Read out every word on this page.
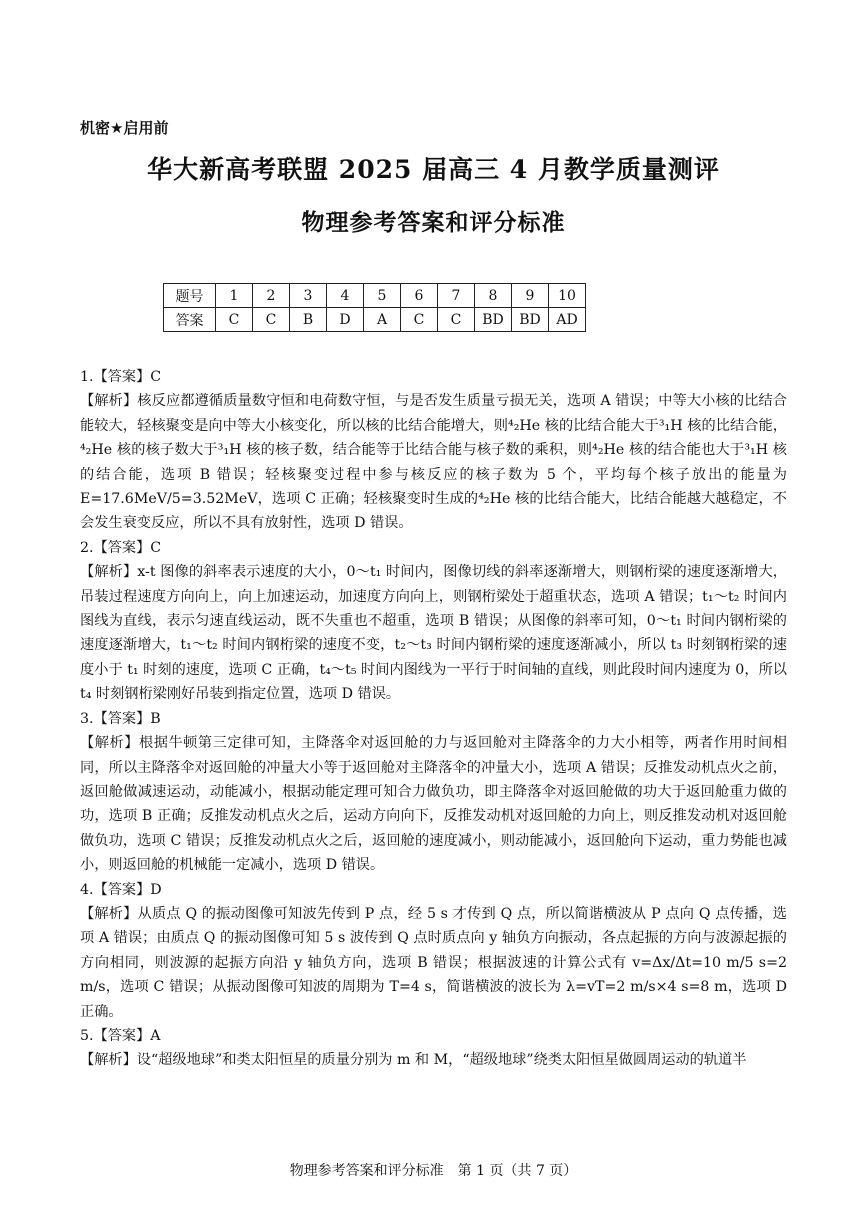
机密★启用前
华大新高考联盟 2025 届高三 4 月教学质量测评
物理参考答案和评分标准
题号	1	2	3	4	5	6	7	8	9	10
答案	C	C	B	D	A	C	C	BD	BD	AD

1.【答案】C

【解析】核反应都遵循质量数守恒和电荷数守恒，与是否发生质量亏损无关，选项 A 错误；中等大小核的比结合能较大，轻核聚变是向中等大小核变化，所以核的比结合能增大，则⁴₂He 核的比结合能大于³₁H 核的比结合能，⁴₂He 核的核子数大于³₁H 核的核子数，结合能等于比结合能与核子数的乘积，则⁴₂He 核的结合能也大于³₁H 核的结合能，选项 B 错误；轻核聚变过程中参与核反应的核子数为 5 个，平均每个核子放出的能量为 E=17.6MeV/5=3.52MeV，选项 C 正确；轻核聚变时生成的⁴₂He 核的比结合能大，比结合能越大越稳定，不会发生衰变反应，所以不具有放射性，选项 D 错误。

2.【答案】C

【解析】x-t 图像的斜率表示速度的大小，0～t₁ 时间内，图像切线的斜率逐渐增大，则钢桁梁的速度逐渐增大，吊装过程速度方向向上，向上加速运动，加速度方向向上，则钢桁梁处于超重状态，选项 A 错误；t₁～t₂ 时间内图线为直线，表示匀速直线运动，既不失重也不超重，选项 B 错误；从图像的斜率可知，0～t₁ 时间内钢桁梁的速度逐渐增大，t₁～t₂ 时间内钢桁梁的速度不变，t₂～t₃ 时间内钢桁梁的速度逐渐减小，所以 t₃ 时刻钢桁梁的速度小于 t₁ 时刻的速度，选项 C 正确，t₄～t₅ 时间内图线为一平行于时间轴的直线，则此段时间内速度为 0，所以 t₄ 时刻钢桁梁刚好吊装到指定位置，选项 D 错误。

3.【答案】B

【解析】根据牛顿第三定律可知，主降落伞对返回舱的力与返回舱对主降落伞的力大小相等，两者作用时间相同，所以主降落伞对返回舱的冲量大小等于返回舱对主降落伞的冲量大小，选项 A 错误；反推发动机点火之前，返回舱做减速运动，动能减小，根据动能定理可知合力做负功，即主降落伞对返回舱做的功大于返回舱重力做的功，选项 B 正确；反推发动机点火之后，运动方向向下，反推发动机对返回舱的力向上，则反推发动机对返回舱做负功，选项 C 错误；反推发动机点火之后，返回舱的速度减小，则动能减小，返回舱向下运动，重力势能也减小，则返回舱的机械能一定减小，选项 D 错误。

4.【答案】D

【解析】从质点 Q 的振动图像可知波先传到 P 点，经 5 s 才传到 Q 点，所以简谐横波从 P 点向 Q 点传播，选项 A 错误；由质点 Q 的振动图像可知 5 s 波传到 Q 点时质点向 y 轴负方向振动，各点起振的方向与波源起振的方向相同，则波源的起振方向沿 y 轴负方向，选项 B 错误；根据波速的计算公式有 v=Δx/Δt=10 m/5 s=2 m/s，选项 C 错误；从振动图像可知波的周期为 T=4 s，简谐横波的波长为 λ=vT=2 m/s×4 s=8 m，选项 D 正确。

5.【答案】A

【解析】设“超级地球”和类太阳恒星的质量分别为 m 和 M，“超级地球”绕类太阳恒星做圆周运动的轨道半

物理参考答案和评分标准　第 1 页（共 7 页）
